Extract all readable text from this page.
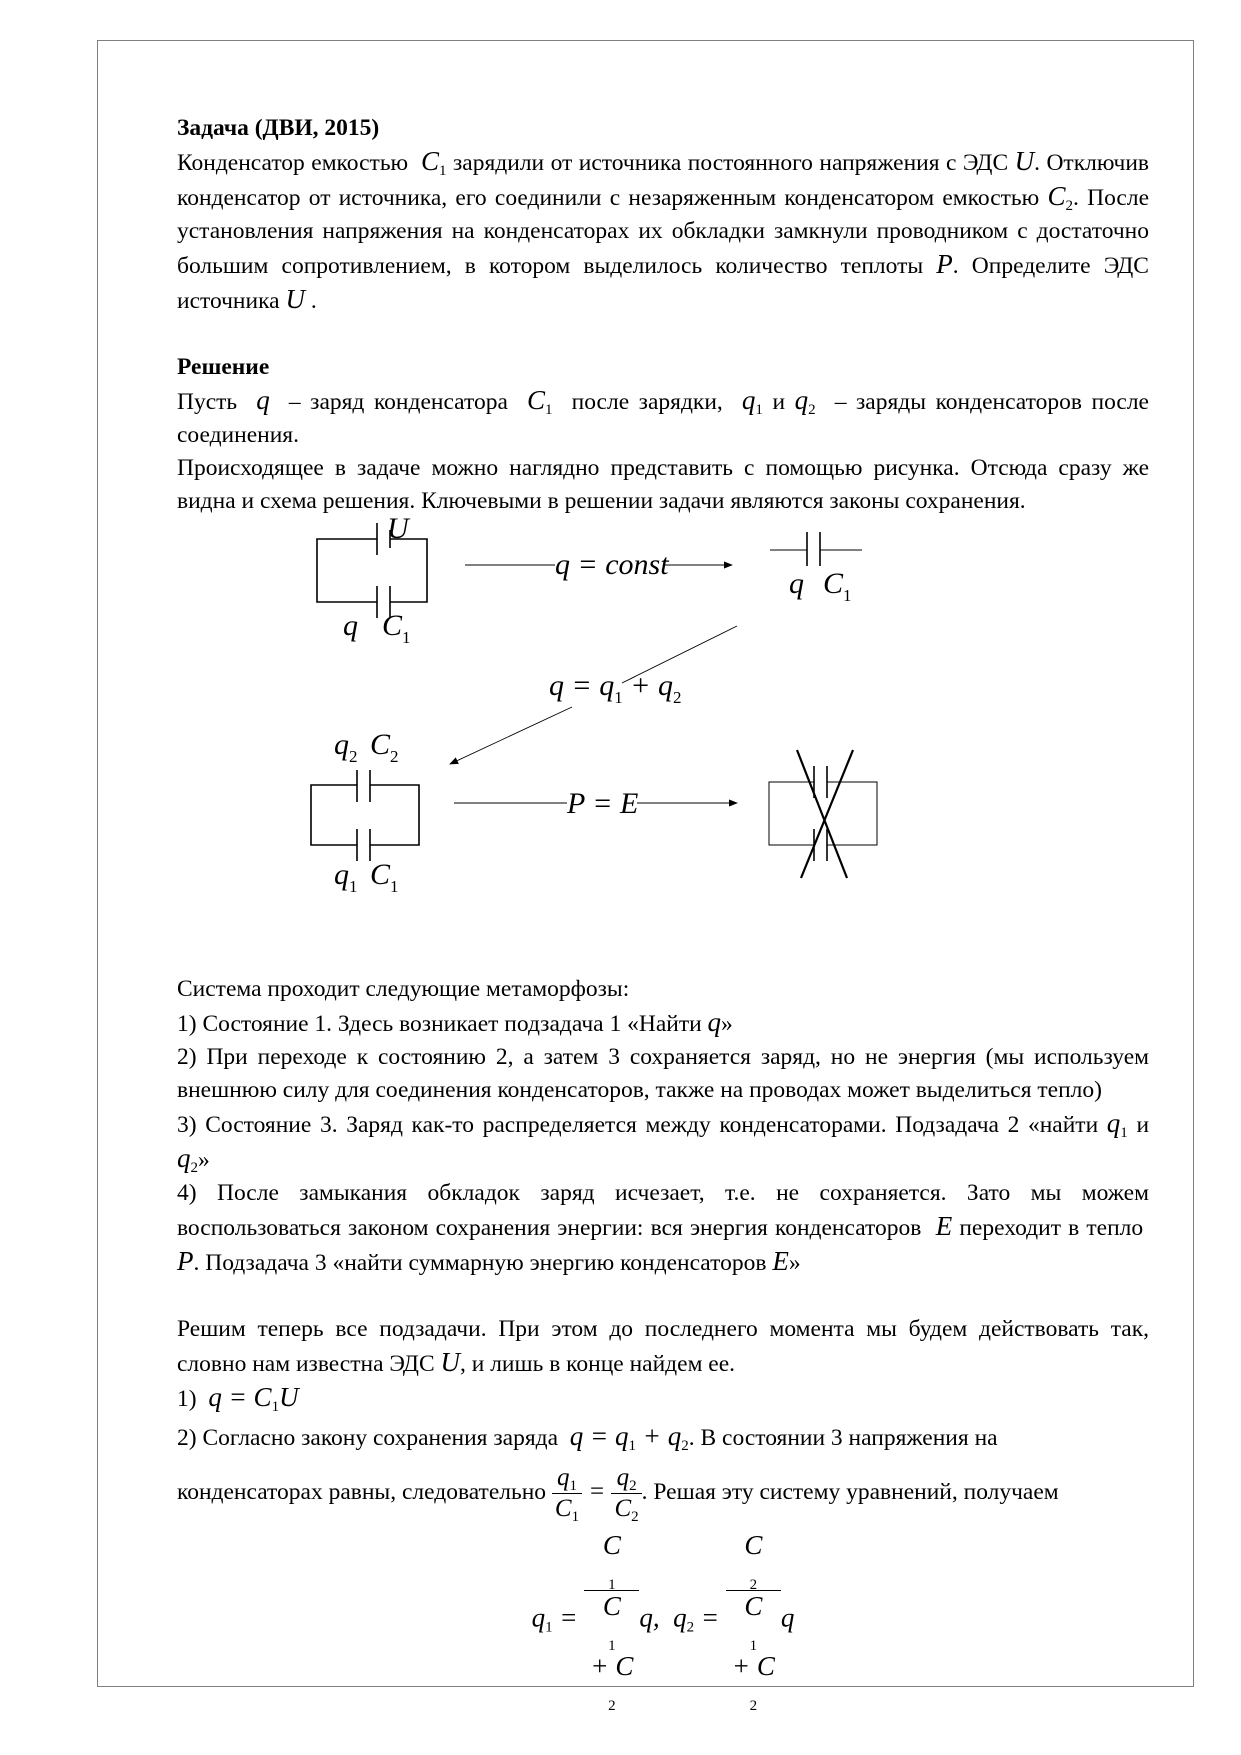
Задача (ДВИ, 2015)

Конденсатор емкостью $C_1$ зарядили от источника постоянного напряжения с ЭДС U. Отключив конденсатор от источника, его соединили с незаряженным конденсатором емкостью $C_2$. После установления напряжения на конденсаторах их обкладки замкнули проводником с достаточно большим сопротивлением, в котором выделилось количество теплоты P. Определите ЭДС источника U .

Решение

Пусть q – заряд конденсатора $C_1$ после зарядки, $q_1$ и $q_2$ – заряды конденсаторов после соединения.

Происходящее в задаче можно наглядно представить с помощью рисунка. Отсюда сразу же видна и схема решения. Ключевыми в решении задачи являются законы сохранения.

U
q $C_1$
q = const
q $C_1$
$q = q_1 + q_2$
$q_2$ $C_2$
$q_1$ $C_1$
P = E

Система проходит следующие метаморфозы:

1) Состояние 1. Здесь возникает подзадача 1 «Найти q»

2) При переходе к состоянию 2, а затем 3 сохраняется заряд, но не энергия (мы используем внешнюю силу для соединения конденсаторов, также на проводах может выделиться тепло)

3) Состояние 3. Заряд как-то распределяется между конденсаторами. Подзадача 2 «найти $q_1$ и $q_2$»

4) После замыкания обкладок заряд исчезает, т.е. не сохраняется. Зато мы можем воспользоваться законом сохранения энергии: вся энергия конденсаторов E переходит в тепло  P. Подзадача 3 «найти суммарную энергию конденсаторов E»

Решим теперь все подзадачи. При этом до последнего момента мы будем действовать так, словно нам известна ЭДС U, и лишь в конце найдем ее.

1) $q = C_1U$

2) Согласно закону сохранения заряда $q = q_1 + q_2$. В состоянии 3 напряжения на

конденсаторах равны, следовательно $\frac{q_1}{C_1} = \frac{q_2}{C_2}$ . Решая эту систему уравнений, получаем

$q_1 = C$
$_1$
C
$_1$
+ C
$_2$ q, $q_2 = C$
$_2$
C
$_1$
+ C
$_2$ q
